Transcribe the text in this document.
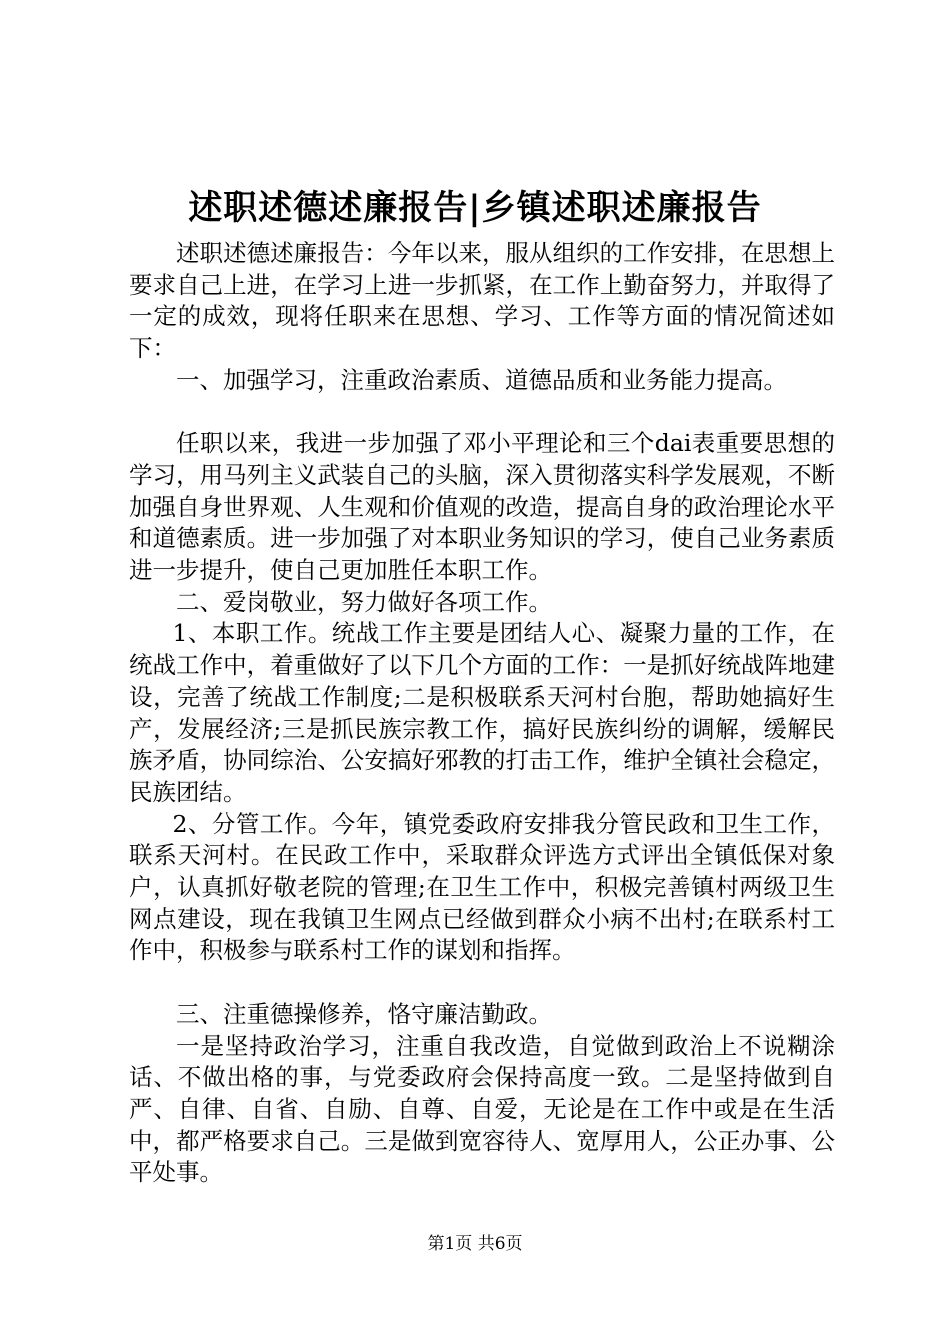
述职述德述廉报告|乡镇述职述廉报告

述职述德述廉报告：今年以来，服从组织的工作安排，在思想上要求自己上进，在学习上进一步抓紧，在工作上勤奋努力，并取得了一定的成效，现将任职来在思想、学习、工作等方面的情况简述如下：

一、加强学习，注重政治素质、道德品质和业务能力提高。

任职以来，我进一步加强了邓小平理论和三个dai表重要思想的学习，用马列主义武装自己的头脑，深入贯彻落实科学发展观，不断加强自身世界观、人生观和价值观的改造，提高自身的政治理论水平和道德素质。进一步加强了对本职业务知识的学习，使自己业务素质进一步提升，使自己更加胜任本职工作。

二、爱岗敬业，努力做好各项工作。

1、本职工作。统战工作主要是团结人心、凝聚力量的工作，在统战工作中，着重做好了以下几个方面的工作：一是抓好统战阵地建设，完善了统战工作制度;二是积极联系天河村台胞，帮助她搞好生产，发展经济;三是抓民族宗教工作，搞好民族纠纷的调解，缓解民族矛盾，协同综治、公安搞好邪教的打击工作，维护全镇社会稳定，民族团结。

2、分管工作。今年，镇党委政府安排我分管民政和卫生工作，联系天河村。在民政工作中，采取群众评选方式评出全镇低保对象户，认真抓好敬老院的管理;在卫生工作中，积极完善镇村两级卫生网点建设，现在我镇卫生网点已经做到群众小病不出村;在联系村工作中，积极参与联系村工作的谋划和指挥。

三、注重德操修养，恪守廉洁勤政。

一是坚持政治学习，注重自我改造，自觉做到政治上不说糊涂话、不做出格的事，与党委政府会保持高度一致。二是坚持做到自严、自律、自省、自励、自尊、自爱，无论是在工作中或是在生活中，都严格要求自己。三是做到宽容待人、宽厚用人，公正办事、公平处事。

第1页 共6页
